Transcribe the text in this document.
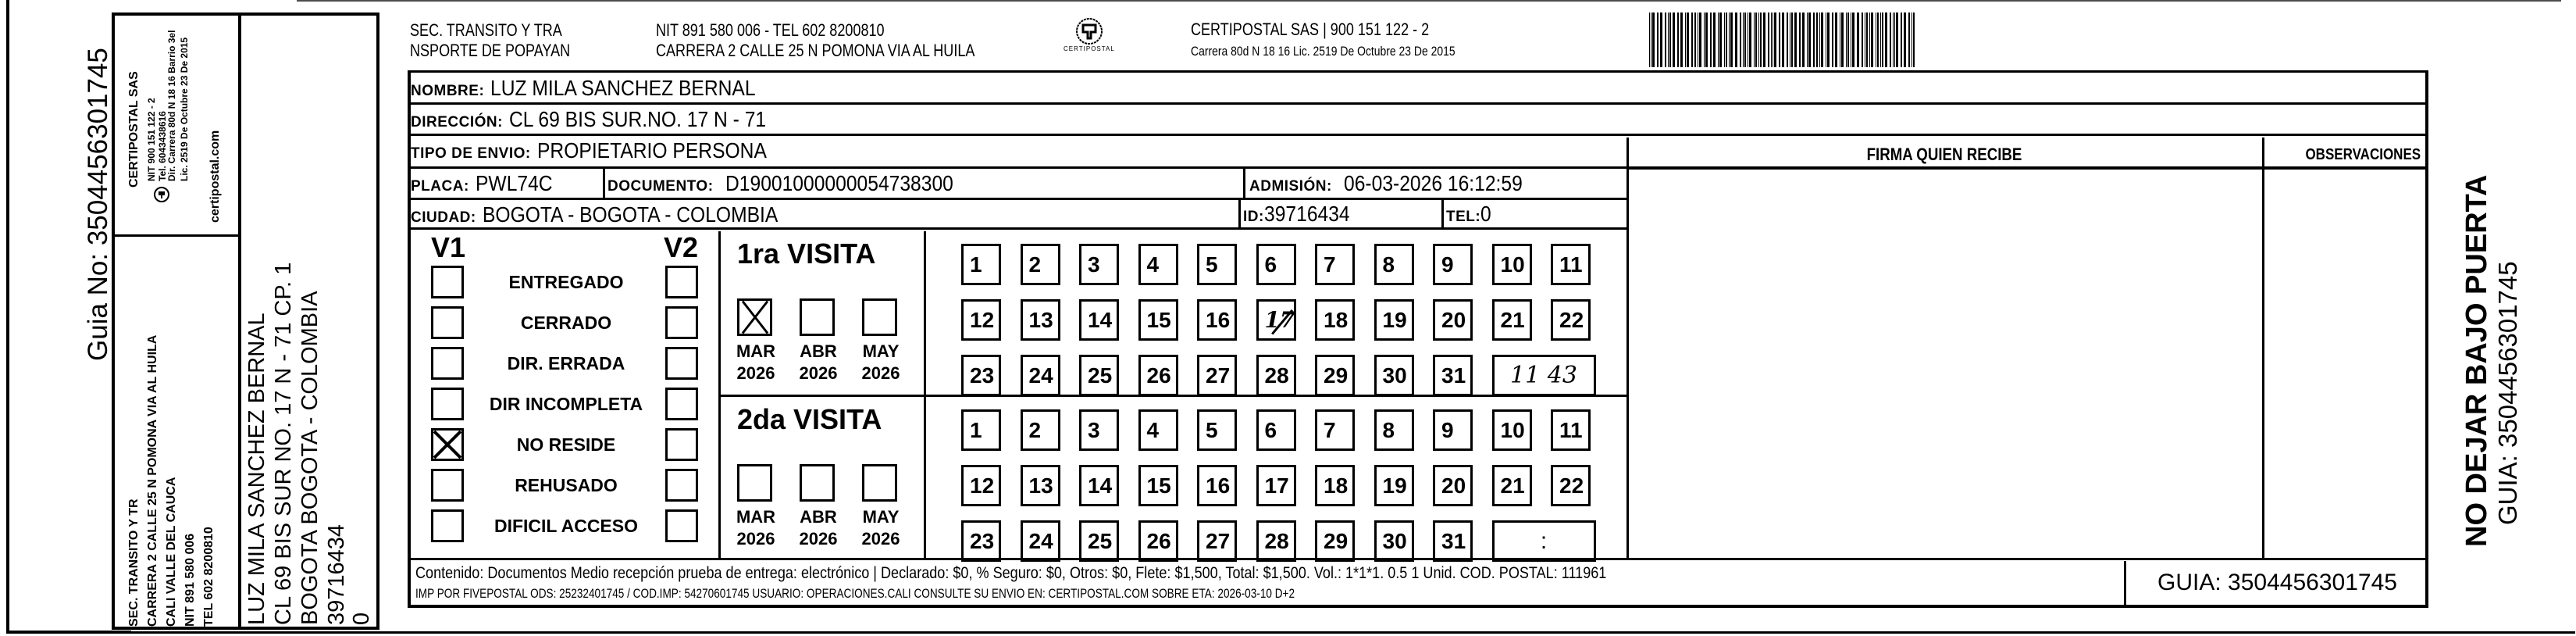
Guia No: 3504456301745 CERTIPOSTAL SAS NIT 900 151 122 - 2 Tel. 6043438616
Dir. Carrera 80d N 18 16 Barrio 3el Lic. 2519 De Octubre 23 De 2015 certipostal.com
SEC. TRANSITO Y TR CARRERA 2 CALLE 25 N POMONA VIA AL HUILA CALI VALLE DEL CAUCA NIT 891 580 006 TEL 602 8200810 LUZ MILA SANCHEZ BERNAL CL 69 BIS SUR NO. 17 N - 71 CP. 1 BOGOTA BOGOTA - COLOMBIA 39716434 0
SEC. TRANSITO Y TRA
NSPORTE DE POPAYAN
NIT 891 580 006 - TEL 602 8200810
CARRERA 2 CALLE 25 N POMONA VIA AL HUILA	CERTIPOSTAL
CERTIPOSTAL SAS | 900 151 122 - 2
Carrera 80d N 18 16 Lic. 2519 De Octubre 23 De 2015
NOMBRE: LUZ MILA SANCHEZ BERNAL
DIRECCIÓN: CL 69 BIS SUR.NO. 17 N - 71
TIPO DE ENVIO: PROPIETARIO PERSONA
PLACA: PWL74C	DOCUMENTO: D19001000000054738300	ADMISIÓN: 06-03-2026 16:12:59
CIUDAD: BOGOTA - BOGOTA - COLOMBIA	ID:39716434	TEL:0
FIRMA QUIEN RECIBE	OBSERVACIONES
V1	V2
ENTREGADO
CERRADO
DIR. ERRADA
DIR INCOMPLETA
NO RESIDE
REHUSADO
DIFICIL ACCESO
1ra VISITA
MAR
2026
ABR
2026
MAY
2026
1	2	3	4	5	6	7	8	9	10	11
12	13	14	15	16	17	18	19	20	21	22
23	24	25	26	27	28	29	30	31	11 43
2da VISITA
MAR
2026
ABR
2026
MAY
2026
1	2	3	4	5	6	7	8	9	10	11
12	13	14	15	16	17	18	19	20	21	22
23	24	25	26	27	28	29	30	31	:
Contenido: Documentos Medio recepción prueba de entrega: electrónico | Declarado: $0, % Seguro: $0, Otros: $0, Flete: $1,500, Total: $1,500. Vol.: 1*1*1. 0.5 1 Unid. COD. POSTAL: 111961
IMP POR FIVEPOSTAL ODS: 25232401745 / COD.IMP: 54270601745 USUARIO: OPERACIONES.CALI CONSULTE SU ENVIO EN: CERTIPOSTAL.COM SOBRE ETA: 2026-03-10 D+2	GUIA: 3504456301745
NO DEJAR BAJO PUERTA GUIA: 3504456301745
